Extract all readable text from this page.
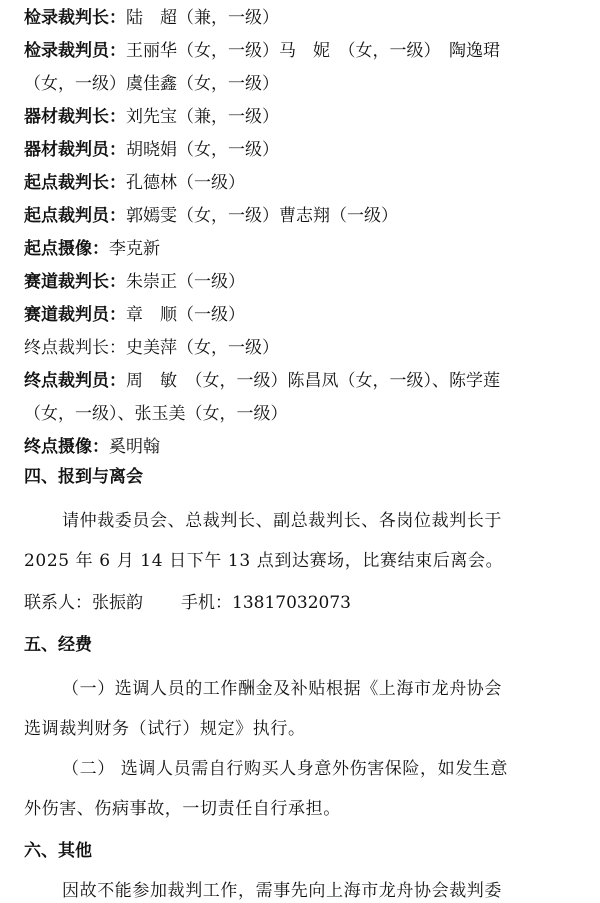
检录裁判长：陆　超（兼，一级）
检录裁判员：王丽华（女，一级）马　妮　（女，一级）　陶逸珺
（女，一级）虞佳鑫（女，一级）
器材裁判长：刘先宝（兼，一级）
器材裁判员：胡晓娟（女，一级）
起点裁判长：孔德林（一级）
起点裁判员：郭嫣雯（女，一级）曹志翔（一级）
起点摄像：李克新
赛道裁判长：朱崇正（一级）
赛道裁判员：章　顺（一级）
终点裁判长：史美萍（女，一级）
终点裁判员：周　敏　（女，一级）陈昌凤（女，一级）、陈学莲
（女，一级）、张玉美（女，一级）
终点摄像：奚明翰
四、报到与离会
请仲裁委员会、总裁判长、副总裁判长、各岗位裁判长于
2025 年 6 月 14 日下午 13 点到达赛场，比赛结束后离会。
联系人：张振韵 手机：13817032073
五、经费
（一）选调人员的工作酬金及补贴根据《上海市龙舟协会
选调裁判财务（试行）规定》执行。
（二） 选调人员需自行购买人身意外伤害保险，如发生意
外伤害、伤病事故，一切责任自行承担。
六、其他
因故不能参加裁判工作，需事先向上海市龙舟协会裁判委
